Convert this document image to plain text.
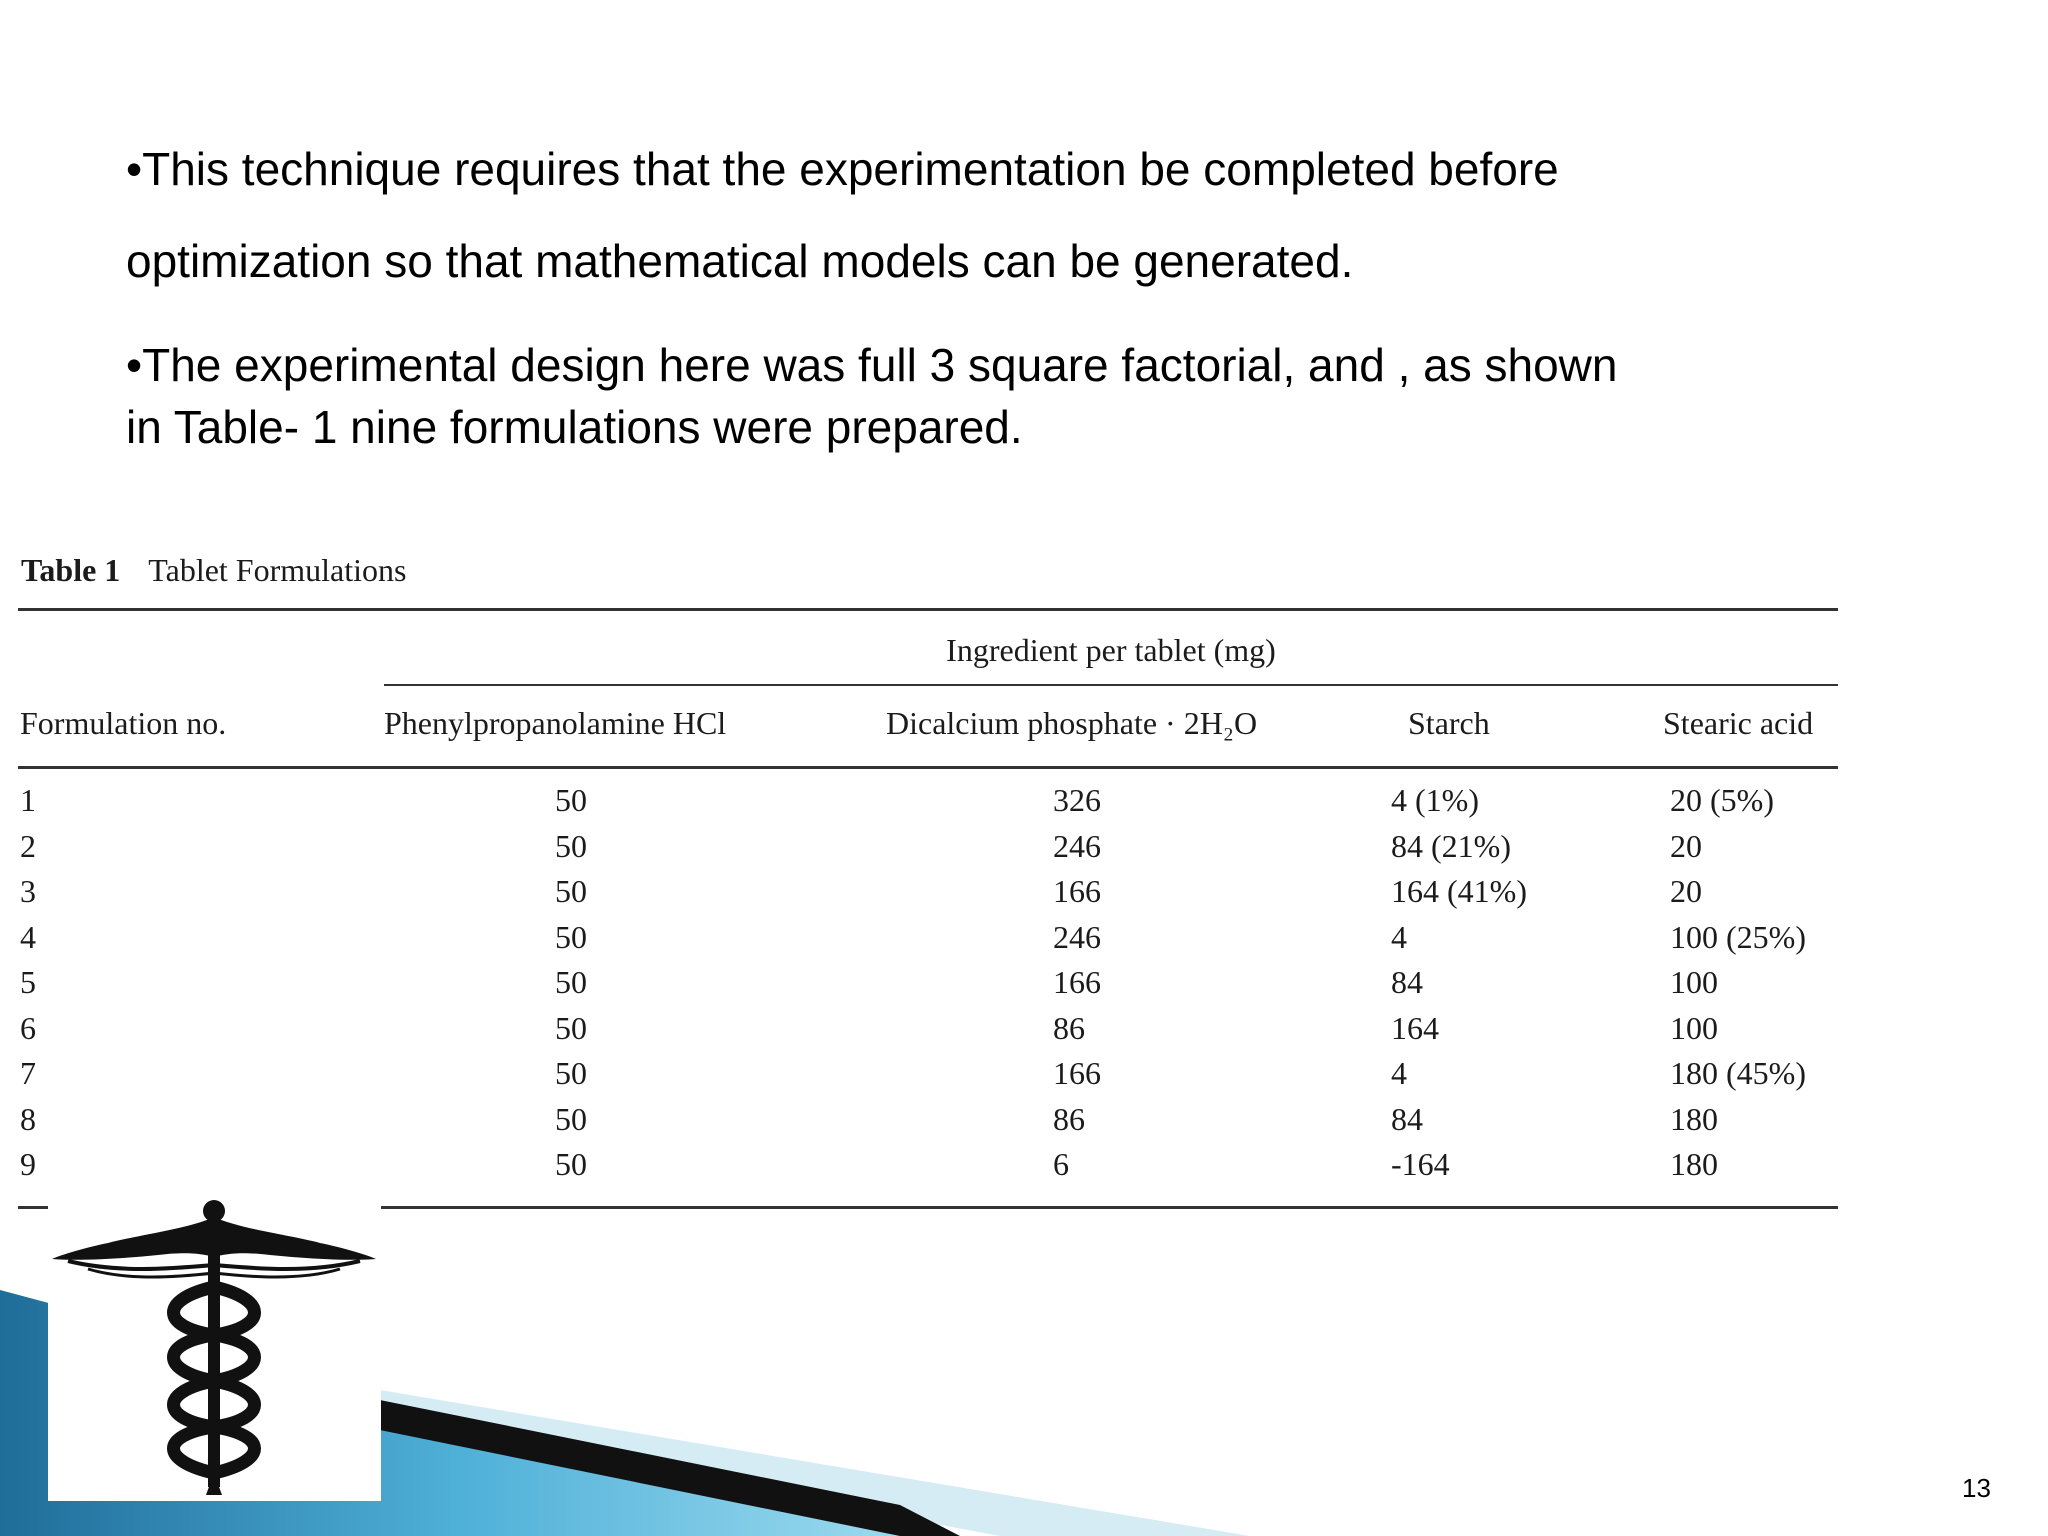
•This technique requires that the experimentation be completed before
optimization so that mathematical models can be generated.

•The experimental design here was full 3 square factorial, and , as shown
in Table- 1 nine formulations were prepared.

Table 1 Tablet Formulations
Ingredient per tablet (mg)
Formulation no.	Phenylpropanolamine HCl	Dicalcium phosphate · 2H₂O	Starch	Stearic acid
1	50	326	4 (1%)	20 (5%)
2	50	246	84 (21%)	20
3	50	166	164 (41%)	20
4	50	246	4	100 (25%)
5	50	166	84	100
6	50	86	164	100
7	50	166	4	180 (45%)
8	50	86	84	180
9	50	6	-164	180
13
